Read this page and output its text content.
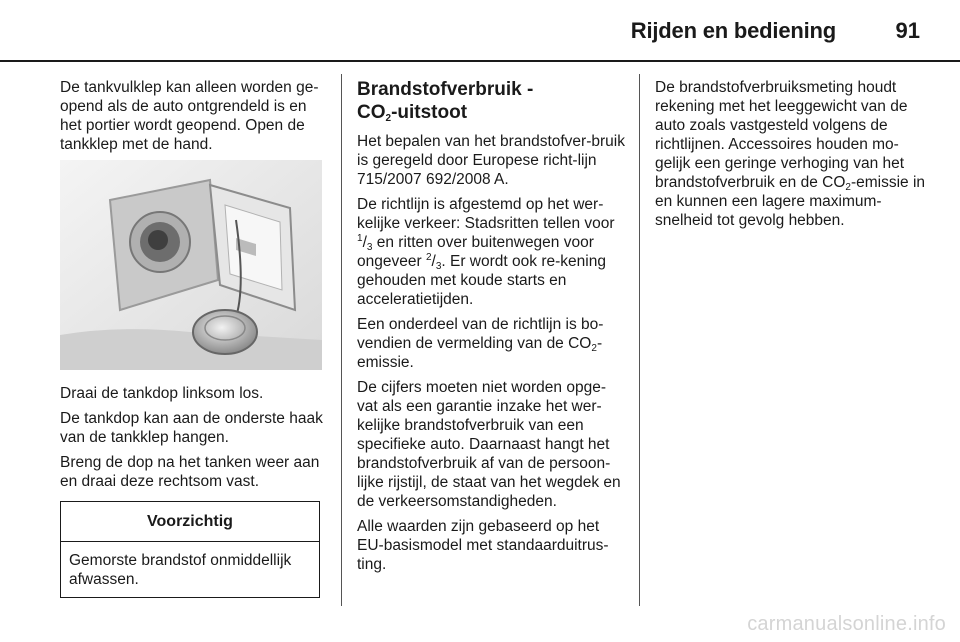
Rijden en bediening	91

De tankvulklep kan alleen worden ge-opend als de auto ontgrendeld is en het portier wordt geopend. Open de tankklep met de hand.

Draai de tankdop linksom los.

De tankdop kan aan de onderste haak van de tankklep hangen.

Breng de dop na het tanken weer aan en draai deze rechtsom vast.

Voorzichtig
Gemorste brandstof onmiddellijk afwassen.
Brandstofverbruik -
$CO_2$-uitstoot

Het bepalen van het brandstofver-bruik is geregeld door Europese richt-lijn 715/2007 692/2008 A.

De richtlijn is afgestemd op het wer-kelijke verkeer: Stadsritten tellen voor $^1/_3$ en ritten over buitenwegen voor ongeveer $^2/_3$. Er wordt ook re-kening gehouden met koude starts en acceleratietijden.

Een onderdeel van de richtlijn is bo-vendien de vermelding van de $CO_2$-emissie.

De cijfers moeten niet worden opge-vat als een garantie inzake het wer-kelijke brandstofverbruik van een specifieke auto. Daarnaast hangt het brandstofverbruik af van de persoon-lijke rijstijl, de staat van het wegdek en de verkeersomstandigheden.

Alle waarden zijn gebaseerd op het EU-basismodel met standaarduitrus-ting.

De brandstofverbruiksmeting houdt rekening met het leeggewicht van de auto zoals vastgesteld volgens de richtlijnen. Accessoires houden mo-gelijk een geringe verhoging van het brandstofverbruik en de $CO_2$-emissie in en kunnen een lagere maximum-snelheid tot gevolg hebben.

carmanualsonline.info
